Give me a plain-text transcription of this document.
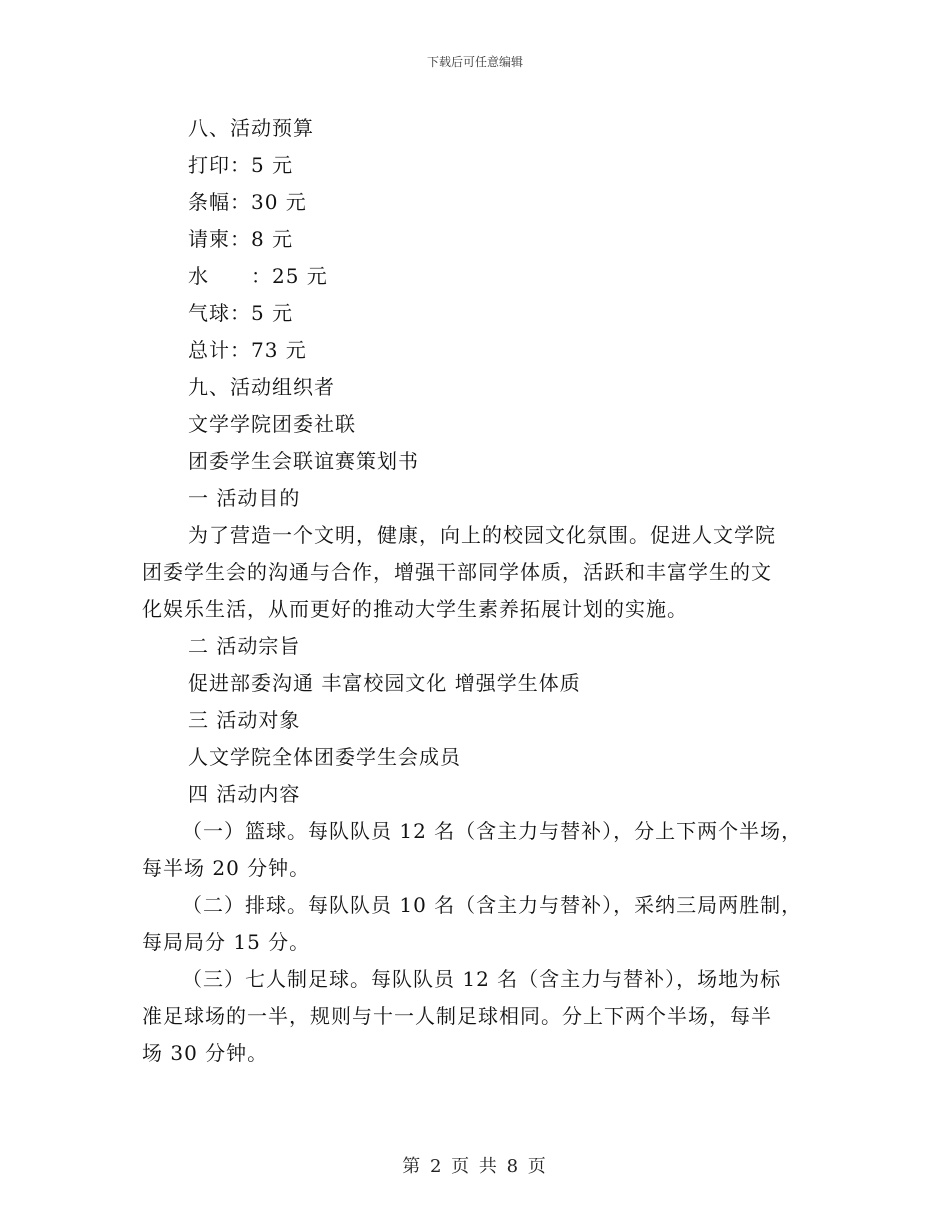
下载后可任意编辑
八、活动预算
打印：5 元
条幅：30 元
请柬：8 元
水　　：25 元
气球：5 元
总计：73 元
九、活动组织者
文学学院团委社联
团委学生会联谊赛策划书
一 活动目的
为了营造一个文明，健康，向上的校园文化氛围。促进人文学院
团委学生会的沟通与合作，增强干部同学体质，活跃和丰富学生的文
化娱乐生活，从而更好的推动大学生素养拓展计划的实施。
二 活动宗旨
促进部委沟通 丰富校园文化 增强学生体质
三 活动对象
人文学院全体团委学生会成员
四 活动内容
（一）篮球。每队队员 12 名（含主力与替补），分上下两个半场，
每半场 20 分钟。
（二）排球。每队队员 10 名（含主力与替补），采纳三局两胜制，
每局局分 15 分。
（三）七人制足球。每队队员 12 名（含主力与替补），场地为标
准足球场的一半，规则与十一人制足球相同。分上下两个半场，每半
场 30 分钟。
第 2 页 共 8 页
